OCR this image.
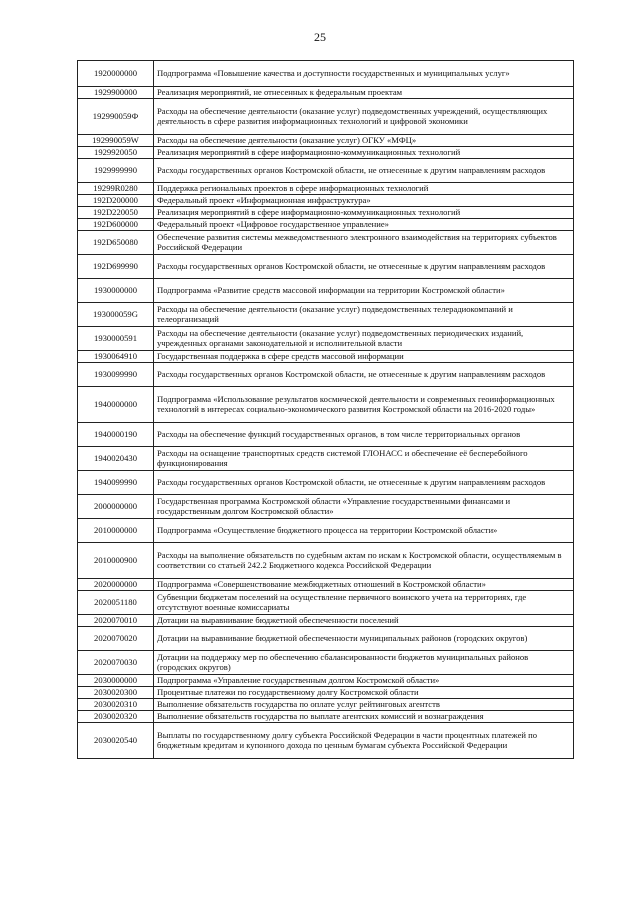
25
1920000000	Подпрограмма «Повышение качества и доступности государственных и муниципальных услуг»
1929900000	Реализация мероприятий, не отнесенных к федеральным проектам
192990059Ф	Расходы на обеспечение деятельности (оказание услуг) подведомственных учреждений, осуществляющих деятельность в сфере развития информационных технологий и цифровой экономики
192990059W	Расходы на обеспечение деятельности (оказание услуг) ОГКУ «МФЦ»
1929920050	Реализация мероприятий в сфере информационно-коммуникационных технологий
1929999990	Расходы государственных органов Костромской области, не отнесенные к другим направлениям расходов
19299R0280	Поддержка региональных проектов в сфере информационных технологий
192D200000	Федеральный проект «Информационная инфраструктура»
192D220050	Реализация мероприятий в сфере информационно-коммуникационных технологий
192D600000	Федеральный проект «Цифровое государственное управление»
192D650080	Обеспечение развития системы межведомственного электронного взаимодействия на территориях субъектов Российской Федерации
192D699990	Расходы государственных органов Костромской области, не отнесенные к другим направлениям расходов
1930000000	Подпрограмма «Развитие средств массовой информации на территории Костромской области»
193000059G	Расходы на обеспечение деятельности (оказание услуг) подведомственных телерадиокомпаний и телеорганизаций
1930000591	Расходы на обеспечение деятельности (оказание услуг) подведомственных периодических изданий, учрежденных органами законодательной и исполнительной власти
1930064910	Государственная поддержка в сфере средств массовой информации
1930099990	Расходы государственных органов Костромской области, не отнесенные к другим направлениям расходов
1940000000	Подпрограмма «Использование результатов космической деятельности и современных геоинформационных технологий в интересах социально-экономического развития Костромской области на 2016-2020 годы»
1940000190	Расходы на обеспечение функций государственных органов, в том числе территориальных органов
1940020430	Расходы на оснащение транспортных средств системой ГЛОНАСС и обеспечение её бесперебойного функционирования
1940099990	Расходы государственных органов Костромской области, не отнесенные к другим направлениям расходов
2000000000	Государственная программа Костромской области «Управление государственными финансами и государственным долгом Костромской области»
2010000000	Подпрограмма «Осуществление бюджетного процесса на территории Костромской области»
2010000900	Расходы на выполнение обязательств по судебным актам по искам к Костромской области, осуществляемым в соответствии со статьей 242.2 Бюджетного кодекса Российской Федерации
2020000000	Подпрограмма «Совершенствование межбюджетных отношений в Костромской области»
2020051180	Субвенции бюджетам поселений на осуществление первичного воинского учета на территориях, где отсутствуют военные комиссариаты
2020070010	Дотации на выравнивание бюджетной обеспеченности поселений
2020070020	Дотации на выравнивание бюджетной обеспеченности муниципальных районов (городских округов)
2020070030	Дотации на поддержку мер по обеспечению сбалансированности бюджетов муниципальных районов (городских округов)
2030000000	Подпрограмма «Управление государственным долгом Костромской области»
2030020300	Процентные платежи по государственному долгу Костромской области
2030020310	Выполнение обязательств государства по оплате услуг рейтинговых агентств
2030020320	Выполнение обязательств государства по выплате агентских комиссий и вознаграждения
2030020540	Выплаты по государственному долгу субъекта Российской Федерации в части процентных платежей по бюджетным кредитам и купонного дохода по ценным бумагам субъекта Российской Федерации
